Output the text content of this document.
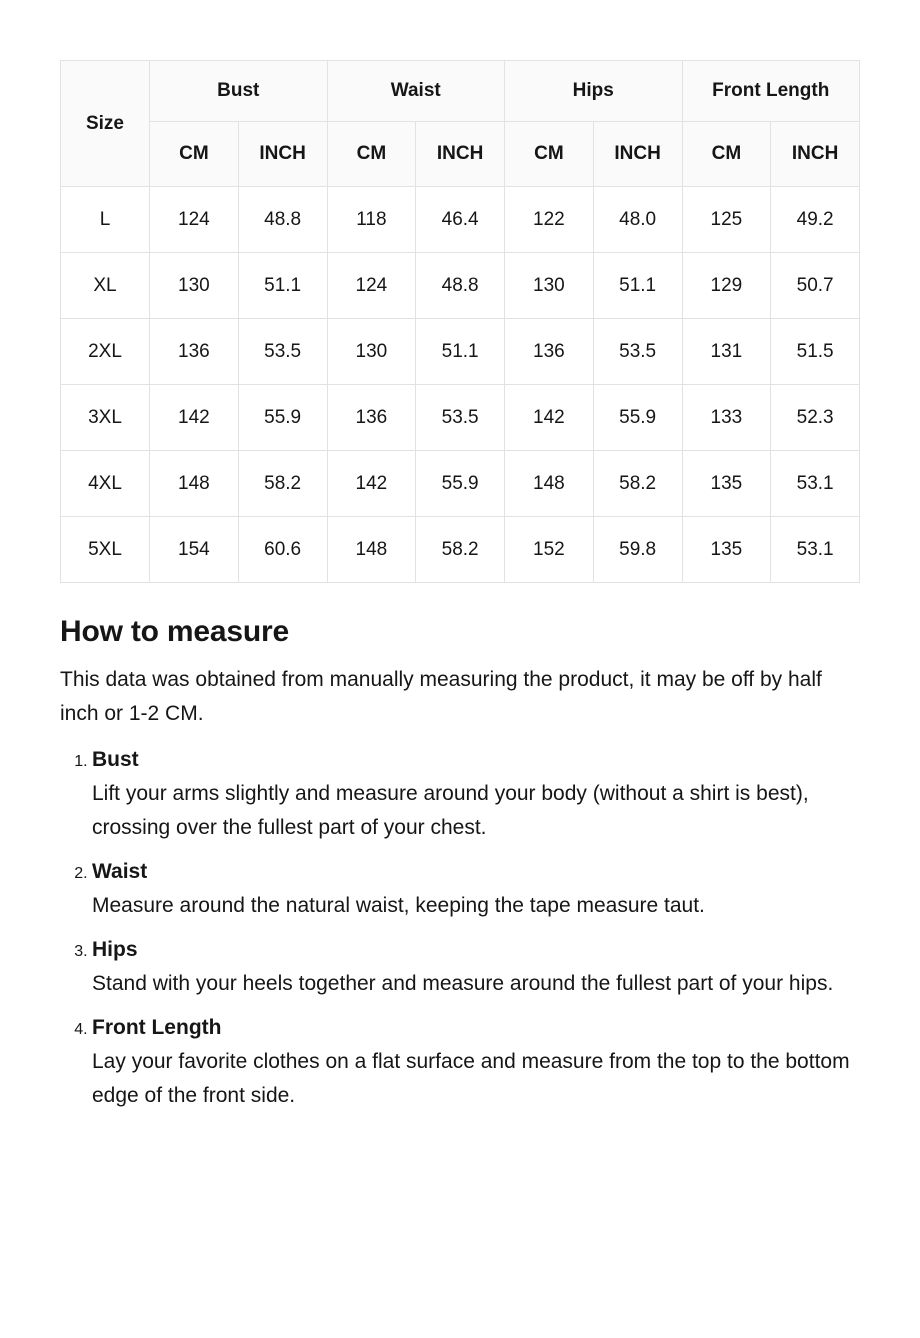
Size	Bust		Waist		Hips		Front Length	
	CM	INCH	CM	INCH	CM	INCH	CM	INCH
L	124	48.8	118	46.4	122	48.0	125	49.2
XL	130	51.1	124	48.8	130	51.1	129	50.7
2XL	136	53.5	130	51.1	136	53.5	131	51.5
3XL	142	55.9	136	53.5	142	55.9	133	52.3
4XL	148	58.2	142	55.9	148	58.2	135	53.1
5XL	154	60.6	148	58.2	152	59.8	135	53.1
How to measure

This data was obtained from manually measuring the product, it may be off by half inch or 1-2 CM.

1. Bust
Lift your arms slightly and measure around your body (without a shirt is best), crossing over the fullest part of your chest.
2. Waist
Measure around the natural waist, keeping the tape measure taut.
3. Hips
Stand with your heels together and measure around the fullest part of your hips.
4. Front Length
Lay your favorite clothes on a flat surface and measure from the top to the bottom edge of the front side.
